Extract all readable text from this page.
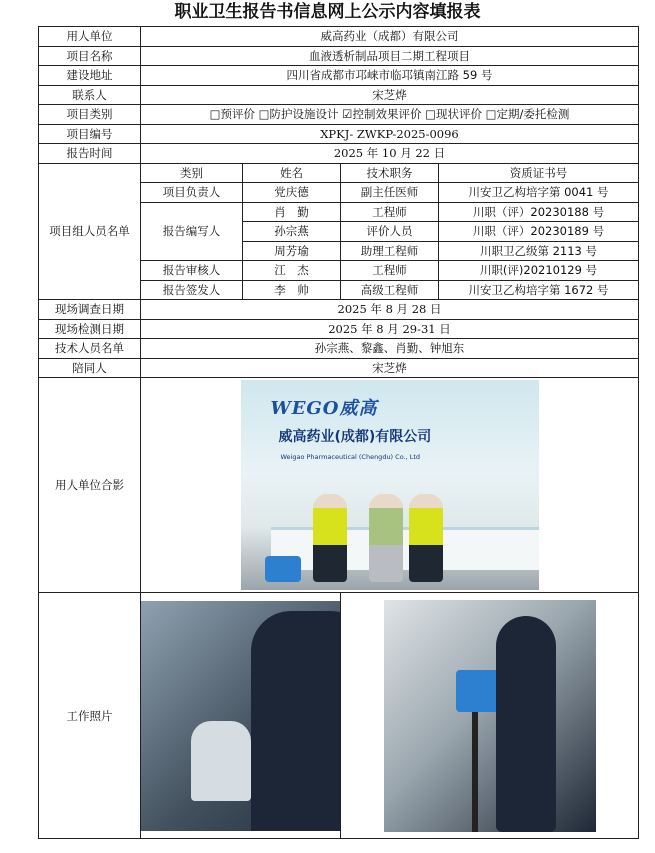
职业卫生报告书信息网上公示内容填报表
用人单位	威高药业（成都）有限公司			
项目名称	血液透析制品项目二期工程项目			
建设地址	四川省成都市邛崃市临邛镇南江路 59 号			
联系人	宋芝烨			
项目类别	□预评价 □防护设施设计 ☑控制效果评价 □现状评价 □定期/委托检测			
项目编号	XPKJ- ZWKP-2025-0096			
报告时间	2025 年 10 月 22 日			
项目组人员名单	类别	姓名	技术职务	资质证书号
	项目负责人	党庆德	副主任医师	川安卫乙构培字第 0041 号
	报告编写人	肖　勤	工程师	川职（评）20230188 号
		孙宗燕	评价人员	川职（评）20230189 号
		周芳瑜	助理工程师	川职卫乙级第 2113 号
	报告审核人	江　杰	工程师	川职(评)20210129 号
	报告签发人	李　帅	高级工程师	川安卫乙构培字第 1672 号
现场调查日期	2025 年 8 月 28 日			
现场检测日期	2025 年 8 月 29-31 日			
技术人员名单	孙宗燕、黎鑫、肖勤、钟旭东			
陪同人	宋芝烨			
用人单位合影	WEGO威高
威高药业(成都)有限公司
Weigao Pharmaceutical (Chengdu) Co., Ltd			

工作照片			
